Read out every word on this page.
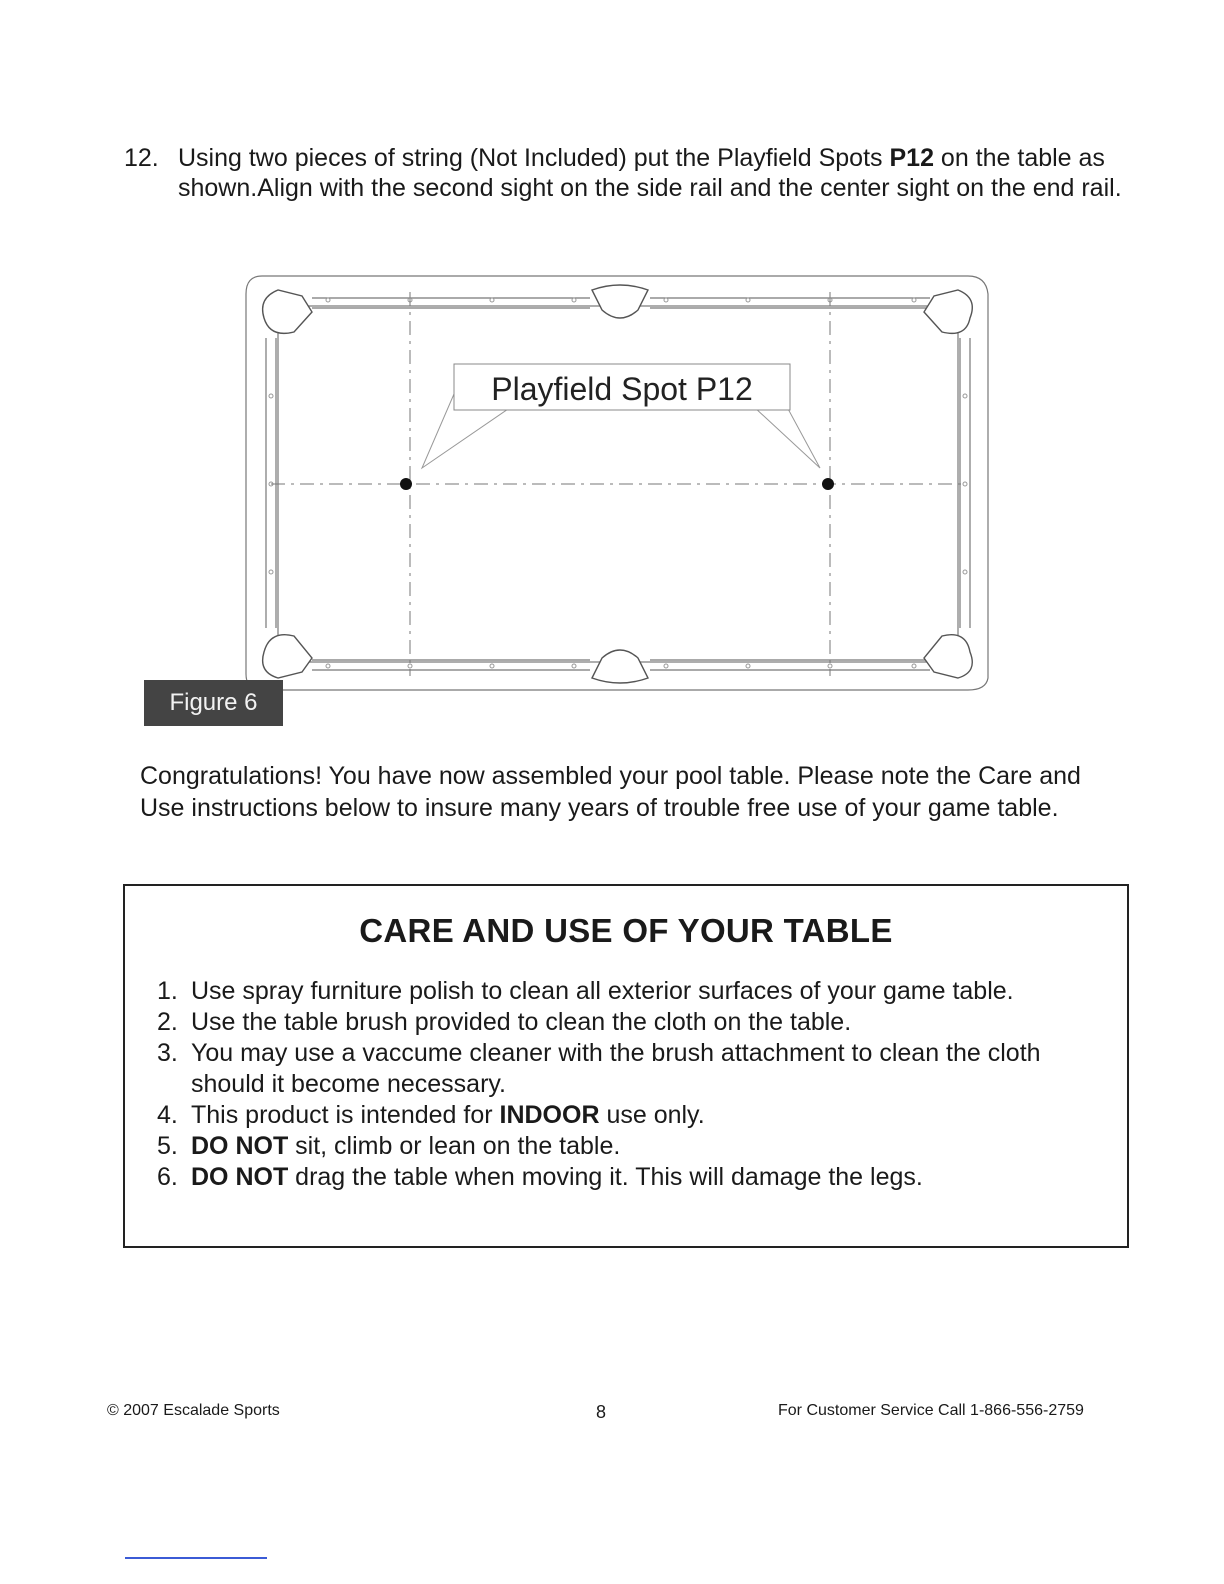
12. Using two pieces of string (Not Included) put the Playfield Spots P12 on the table as shown.Align with the second sight on the side rail and the center sight on the end rail.
Playfield Spot P12
Figure 6
Congratulations! You have now assembled your pool table. Please note the Care and Use instructions below to insure many years of trouble free use of your game table.
CARE AND USE OF YOUR TABLE
1. Use spray furniture polish to clean all exterior surfaces of your game table.
2. Use the table brush provided to clean the cloth on the table.
3. You may use a vaccume cleaner with the brush attachment to clean the cloth should it become necessary.
4. This product is intended for INDOOR use only.
5. DO NOT sit, climb or lean on the table.
6. DO NOT drag the table when moving it. This will damage the legs.
© 2007 Escalade Sports	8	For Customer Service Call 1-866-556-2759
